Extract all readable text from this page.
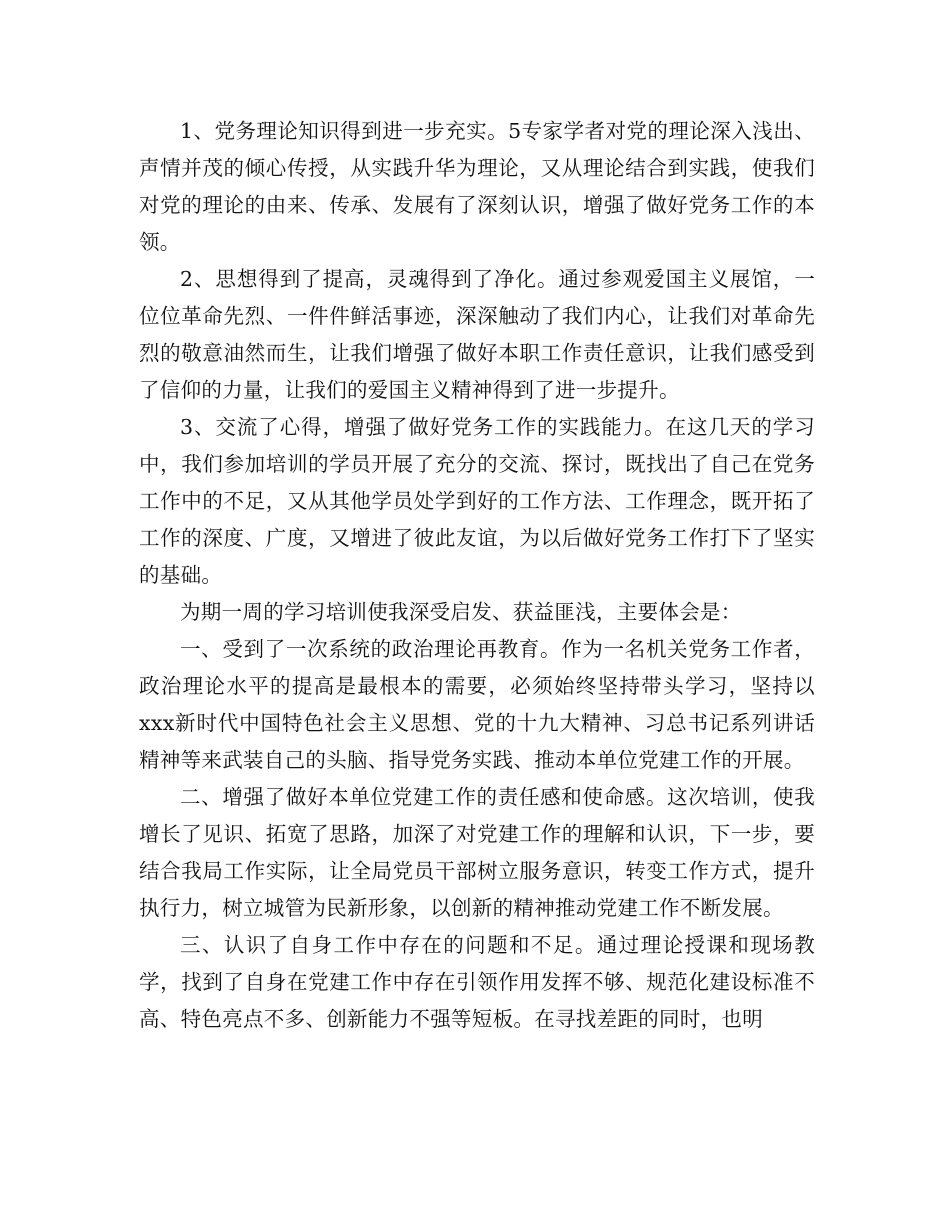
1、党务理论知识得到进一步充实。5专家学者对党的理论深入浅出、声情并茂的倾心传授，从实践升华为理论，又从理论结合到实践，使我们对党的理论的由来、传承、发展有了深刻认识，增强了做好党务工作的本领。

2、思想得到了提高，灵魂得到了净化。通过参观爱国主义展馆，一位位革命先烈、一件件鲜活事迹，深深触动了我们内心，让我们对革命先烈的敬意油然而生，让我们增强了做好本职工作责任意识，让我们感受到了信仰的力量，让我们的爱国主义精神得到了进一步提升。

3、交流了心得，增强了做好党务工作的实践能力。在这几天的学习中，我们参加培训的学员开展了充分的交流、探讨，既找出了自己在党务工作中的不足，又从其他学员处学到好的工作方法、工作理念，既开拓了工作的深度、广度，又增进了彼此友谊，为以后做好党务工作打下了坚实的基础。

为期一周的学习培训使我深受启发、获益匪浅，主要体会是：

一、受到了一次系统的政治理论再教育。作为一名机关党务工作者，政治理论水平的提高是最根本的需要，必须始终坚持带头学习，坚持以xxx新时代中国特色社会主义思想、党的十九大精神、习总书记系列讲话精神等来武装自己的头脑、指导党务实践、推动本单位党建工作的开展。

二、增强了做好本单位党建工作的责任感和使命感。这次培训，使我增长了见识、拓宽了思路，加深了对党建工作的理解和认识，下一步，要结合我局工作实际，让全局党员干部树立服务意识，转变工作方式，提升执行力，树立城管为民新形象，以创新的精神推动党建工作不断发展。

三、认识了自身工作中存在的问题和不足。通过理论授课和现场教学，找到了自身在党建工作中存在引领作用发挥不够、规范化建设标准不高、特色亮点不多、创新能力不强等短板。在寻找差距的同时，也明
